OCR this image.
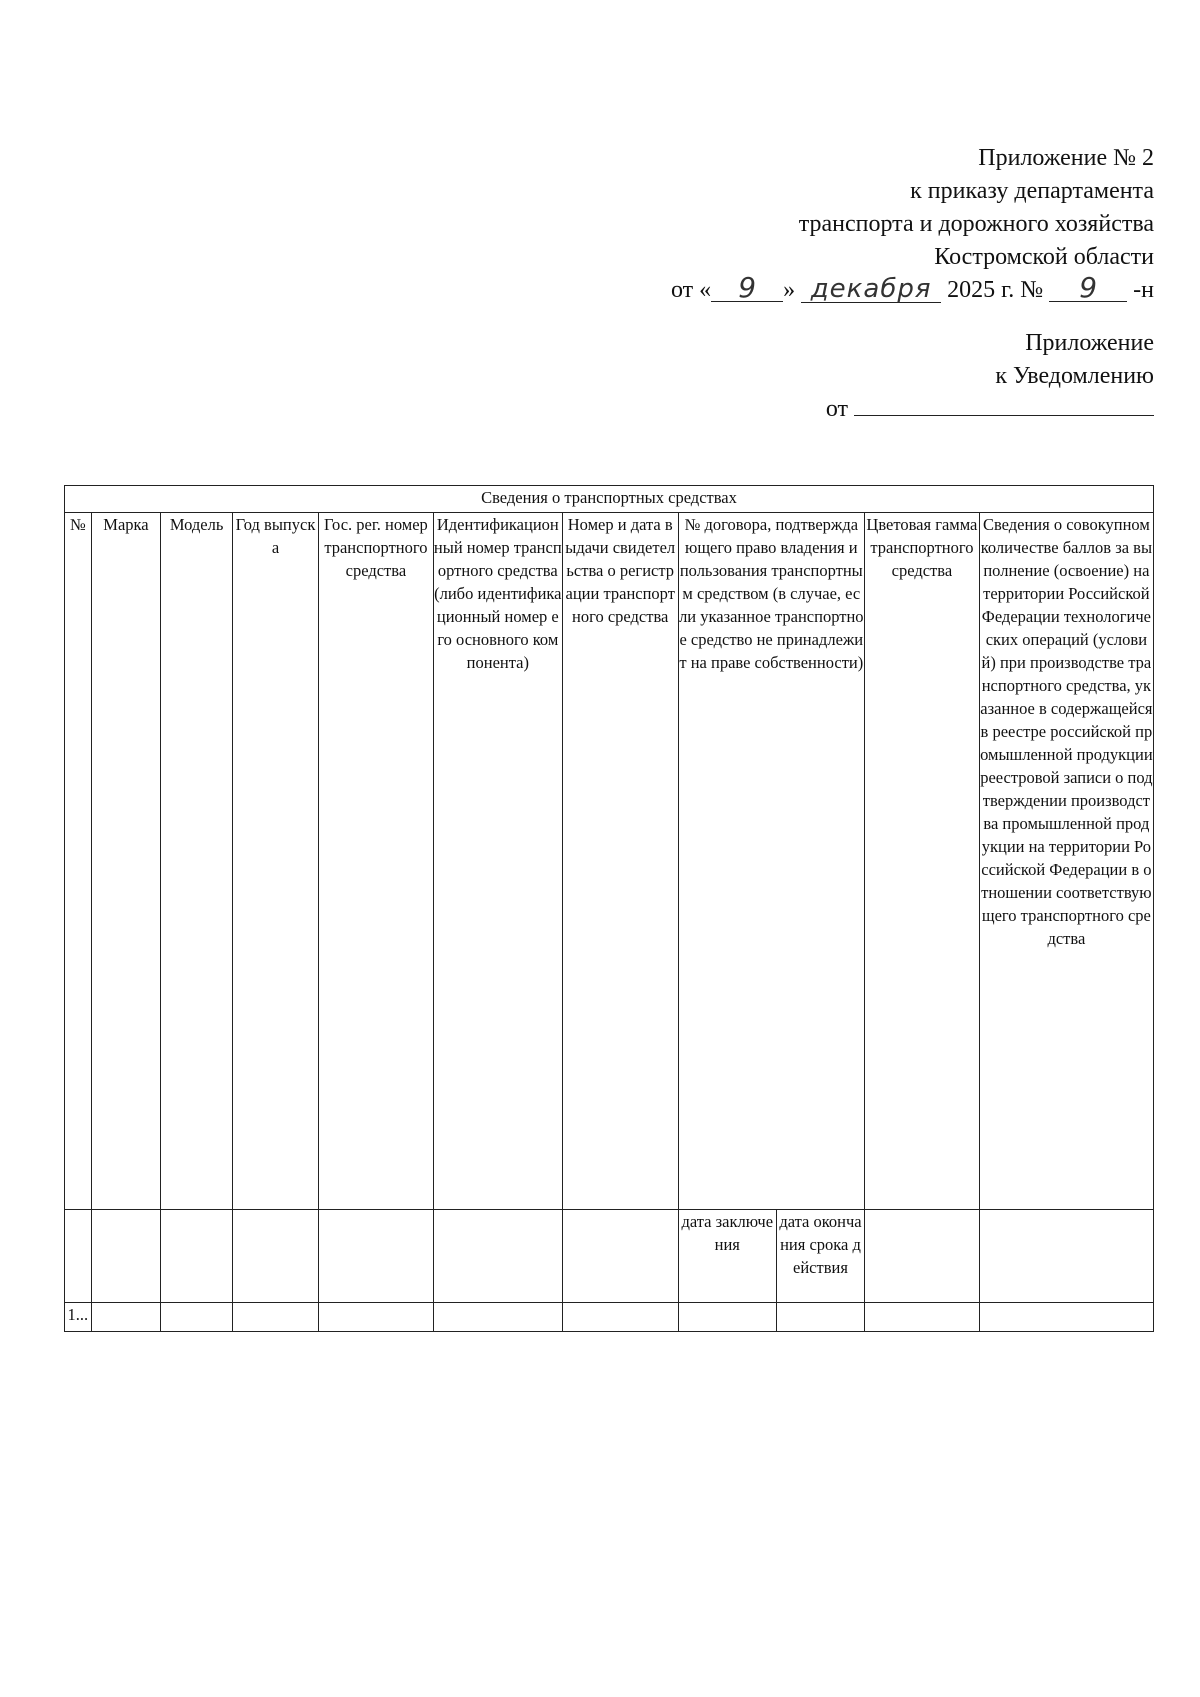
Приложение № 2
к приказу департамента
транспорта и дорожного хозяйства
Костромской области
от « 9 » декабря 2025 г. № 9 -н
Приложение
к Уведомлению
от
Сведения о транспортных средствах										
№	Марка	Модель	Год выпуска	Гос. рег. номер транспортного средства	Идентификационный номер транспортного средства (либо идентификационный номер его основного компонента)	Номер и дата выдачи свидетельства о регистрации транспортного средства	№ договора, подтверждающего право владения и пользования транспортным средством (в случае, если указанное транспортное средство не принадлежит на праве собственности)		Цветовая гамма транспортного средства	Сведения о совокупном количестве баллов за выполнение (освоение) на территории Российской Федерации технологических операций (условий) при производстве транспортного средства, указанное в содержащейся в реестре российской промышленной продукции реестровой записи о подтверждении производства промышленной продукции на территории Российской Федерации в отношении соответствующего транспортного средства
							дата заключения	дата окончания срока действия		
1...										
